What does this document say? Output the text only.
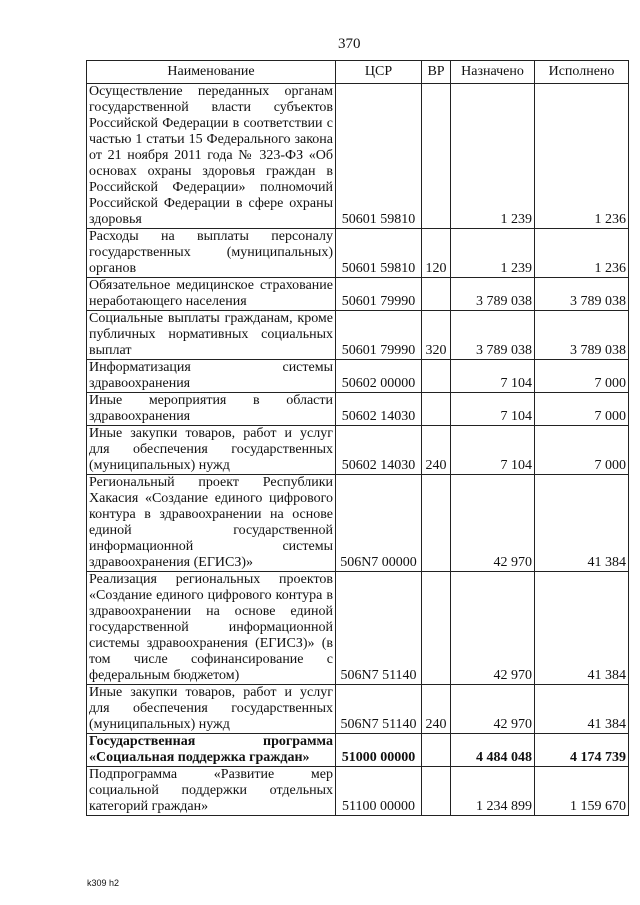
370
Наименование	ЦСР	ВР	Назначено	Исполнено
Осуществление переданных органам государственной власти субъектов Российской Федерации в соответствии с частью 1 статьи 15 Федерального закона от 21 ноября 2011 года № 323-ФЗ «Об основах охраны здоровья граждан в Российской Федерации» полномочий Российской Федерации в сфере охраны здоровья	50601 59810		1 239	1 236
Расходы на выплаты персоналу государственных (муниципальных) органов	50601 59810	120	1 239	1 236
Обязательное медицинское страхование неработающего населения	50601 79990		3 789 038	3 789 038
Социальные выплаты гражданам, кроме публичных нормативных социальных выплат	50601 79990	320	3 789 038	3 789 038
Информатизация системы здравоохранения	50602 00000		7 104	7 000
Иные мероприятия в области здравоохранения	50602 14030		7 104	7 000
Иные закупки товаров, работ и услуг для обеспечения государственных (муниципальных) нужд	50602 14030	240	7 104	7 000
Региональный проект Республики Хакасия «Создание единого цифрового контура в здравоохранении на основе единой государственной информационной системы здравоохранения (ЕГИСЗ)»	506N7 00000		42 970	41 384
Реализация региональных проектов «Создание единого цифрового контура в здравоохранении на основе единой государственной информационной системы здравоохранения (ЕГИСЗ)» (в том числе софинансирование с федеральным бюджетом)	506N7 51140		42 970	41 384
Иные закупки товаров, работ и услуг для обеспечения государственных (муниципальных) нужд	506N7 51140	240	42 970	41 384
Государственная программа «Социальная поддержка граждан»	51000 00000		4 484 048	4 174 739
Подпрограмма «Развитие мер социальной поддержки отдельных категорий граждан»	51100 00000		1 234 899	1 159 670
k309 h2
